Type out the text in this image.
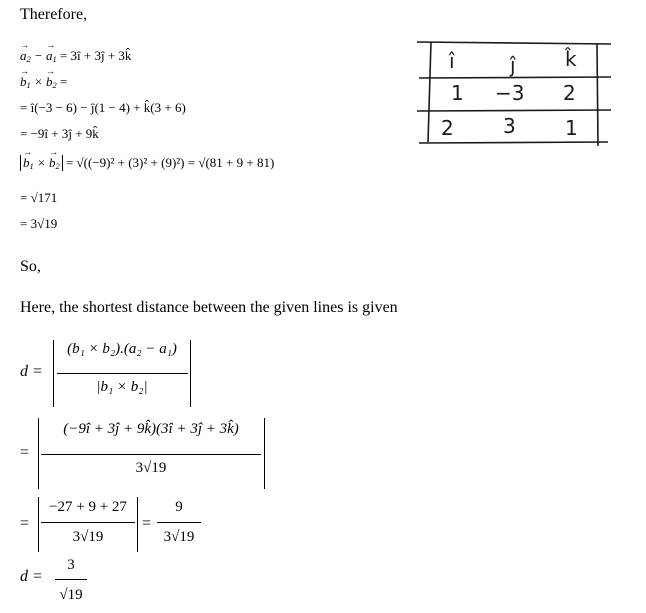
Therefore,
So,
Here, the shortest distance between the given lines is given
$a \to_2 - a \to_1$ = 3î + 3ĵ + 3k̂
$b \to_1 \times b \to_2$ =
= î(−3 − 6) − ĵ(1 − 4) + k̂(3 + 6)
= −9î + 3ĵ + 9k̂
$b \to_1 \times b \to_2 = √((-9)^2 + (3)^2 + (9)^2) = √(81 + 9 + 81)$
= √171
= 3√19
î	ĵ k̂
1 −3 2
2 3 1
d =
(b₁ × b₂).(a₂ − a₁)
|b₁ × b₂|
=
(−9î + 3ĵ + 9k̂)(3î + 3ĵ + 3k̂)
3√19
=
−27 + 9 + 27
3√19
=
9
3√19
d =
3
√19
